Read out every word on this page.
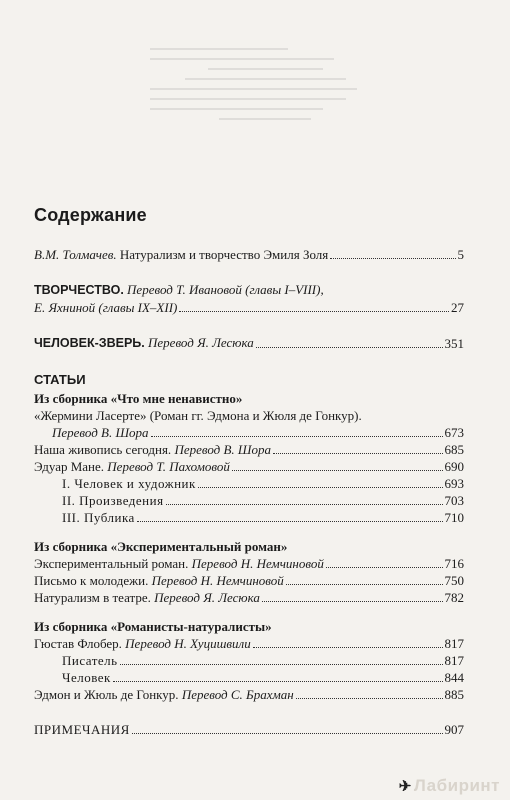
Содержание
В.М. Толмачев. Натурализм и творчество Эмиля Золя	5
ТВОРЧЕСТВО. Перевод Т. Ивановой (главы I–VIII),
Е. Яхниной (главы IX–XII)	27
ЧЕЛОВЕК-ЗВЕРЬ. Перевод Я. Лесюка	351
СТАТЬИ
Из сборника «Что мне ненавистно»
«Жермини Ласерте» (Роман гг. Эдмона и Жюля де Гонкур).
Перевод В. Шора	673
Наша живопись сегодня. Перевод В. Шора	685
Эдуар Мане. Перевод Т. Пахомовой	690
I. Человек и художник	693
II. Произведения	703
III. Публика	710
Из сборника «Экспериментальный роман»
Экспериментальный роман. Перевод Н. Немчиновой	716
Письмо к молодежи. Перевод Н. Немчиновой	750
Натурализм в театре. Перевод Я. Лесюка	782
Из сборника «Романисты-натуралисты»
Гюстав Флобер. Перевод Н. Хуцишвили	817
Писатель	817
Человек	844
Эдмон и Жюль де Гонкур. Перевод С. Брахман	885
ПРИМЕЧАНИЯ	907
✈ Лабиринт
